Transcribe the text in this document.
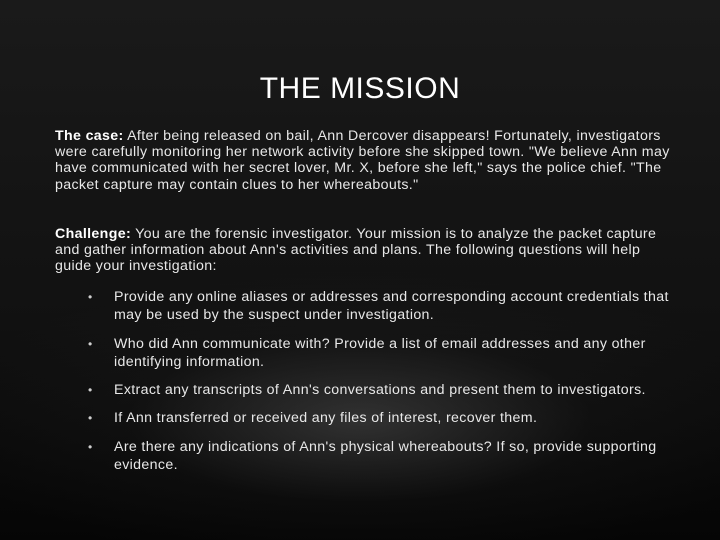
THE MISSION
The case: After being released on bail, Ann Dercover disappears! Fortunately, investigators were carefully monitoring her network activity before she skipped town. "We believe Ann may have communicated with her secret lover, Mr. X, before she left," says the police chief. "The packet capture may contain clues to her whereabouts."
Challenge: You are the forensic investigator. Your mission is to analyze the packet capture and gather information about Ann's activities and plans. The following questions will help guide your investigation:
• Provide any online aliases or addresses and corresponding account credentials that may be used by the suspect under investigation.
• Who did Ann communicate with? Provide a list of email addresses and any other identifying information.
• Extract any transcripts of Ann's conversations and present them to investigators.
• If Ann transferred or received any files of interest, recover them.
• Are there any indications of Ann's physical whereabouts? If so, provide supporting evidence.
